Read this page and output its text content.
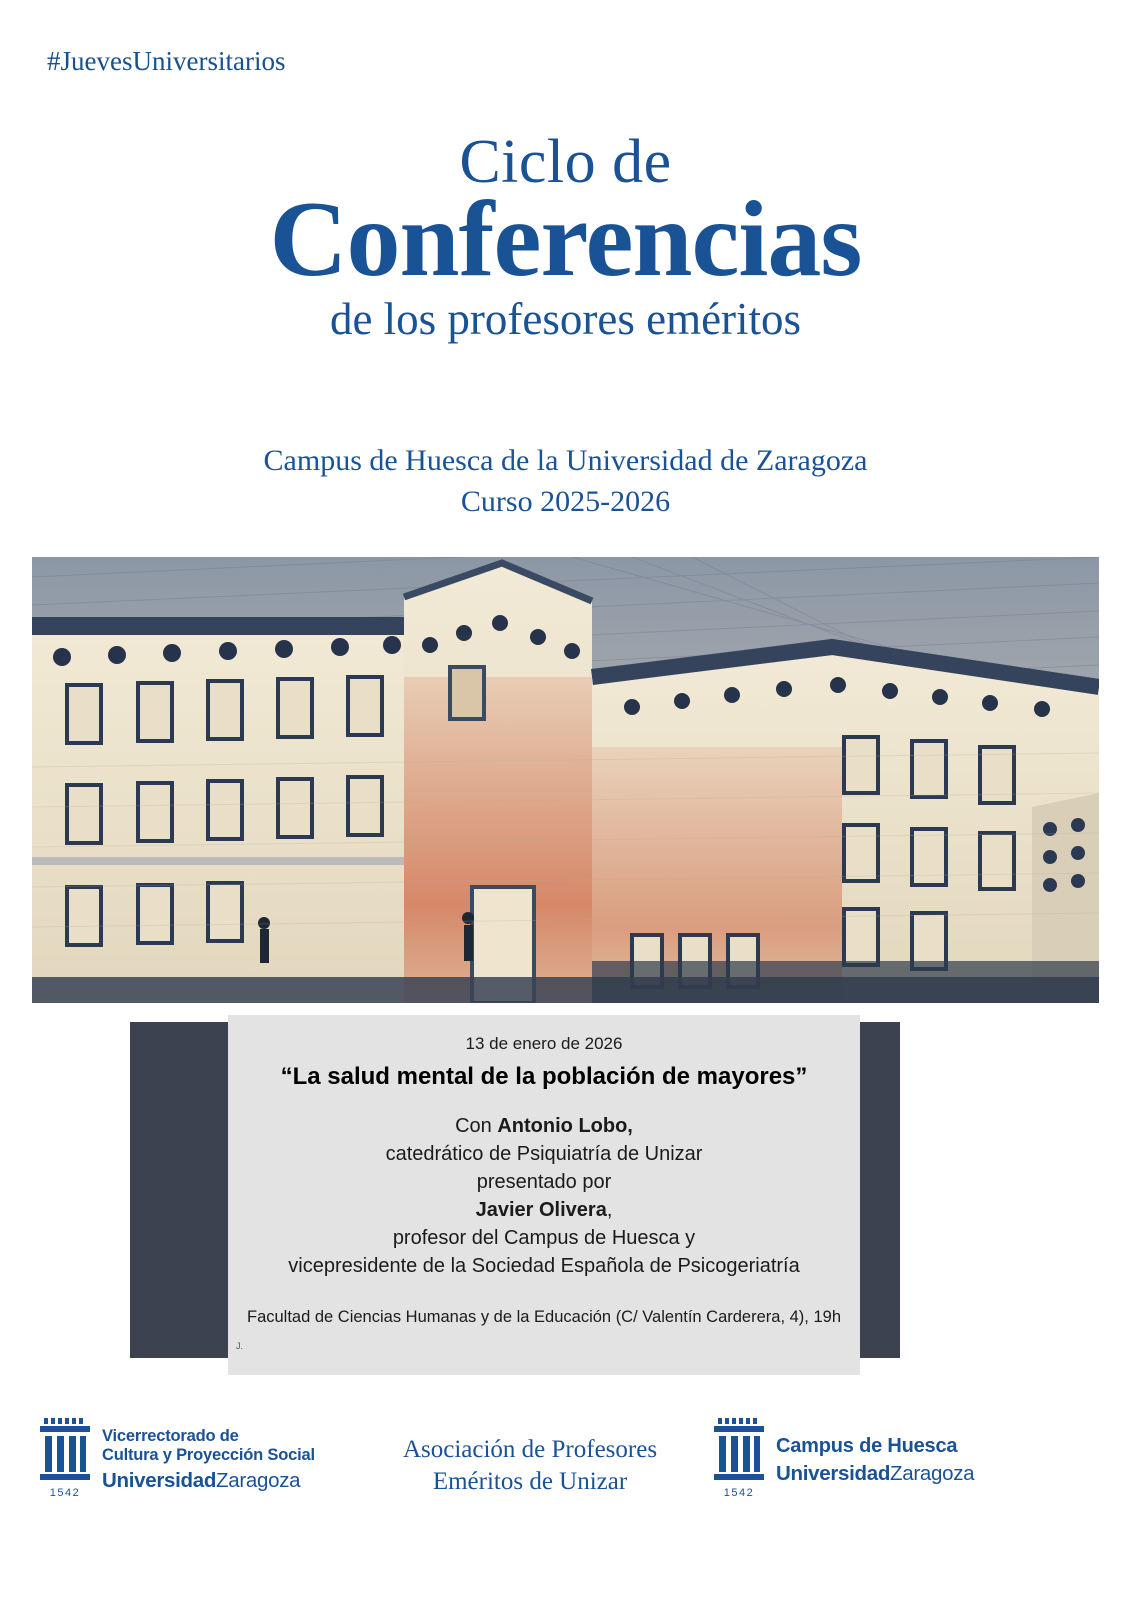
#JuevesUniversitarios
Ciclo de
Conferencias
de los profesores eméritos
Campus de Huesca de la Universidad de Zaragoza
Curso 2025-2026
13 de enero de 2026
“La salud mental de la población de mayores”
Con Antonio Lobo,
catedrático de Psiquiatría de Unizar
presentado por
Javier Olivera,
profesor del Campus de Huesca y
vicepresidente de la Sociedad Española de Psicogeriatría
Facultad de Ciencias Humanas y de la Educación (C/ Valentín Carderera, 4), 19h
J.
1542
Vicerrectorado de
Cultura y Proyección Social
UniversidadZaragoza
Asociación de Profesores
Eméritos de Unizar	1542
Campus de Huesca
UniversidadZaragoza
